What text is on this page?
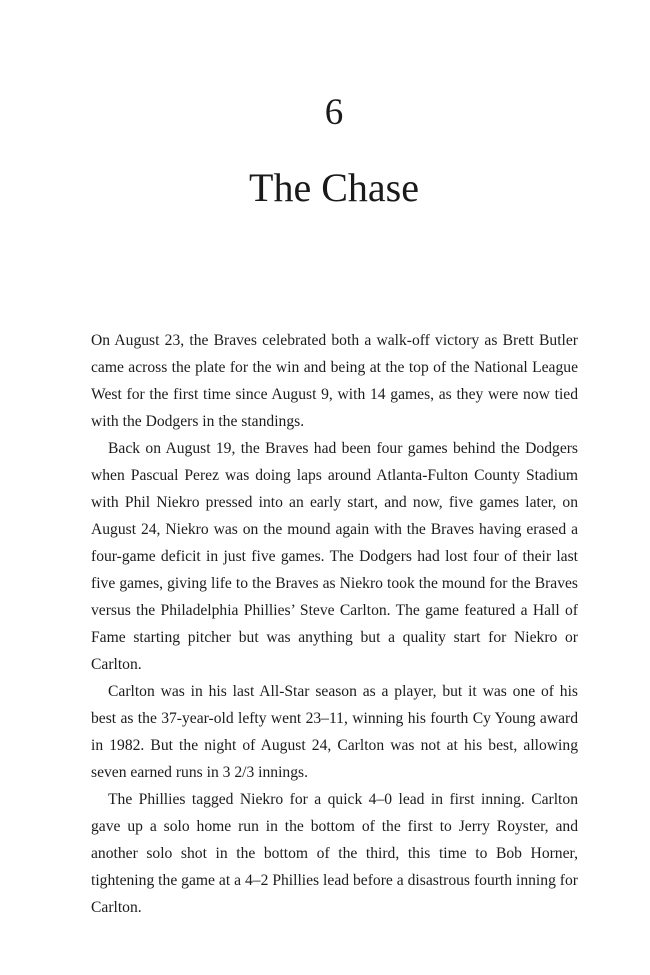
6
The Chase

On August 23, the Braves celebrated both a walk-off victory as Brett Butler came across the plate for the win and being at the top of the National League West for the first time since August 9, with 14 games, as they were now tied with the Dodgers in the standings.

Back on August 19, the Braves had been four games behind the Dodgers when Pascual Perez was doing laps around Atlanta-Fulton County Stadium with Phil Niekro pressed into an early start, and now, five games later, on August 24, Niekro was on the mound again with the Braves having erased a four-game deficit in just five games. The Dodgers had lost four of their last five games, giving life to the Braves as Niekro took the mound for the Braves versus the Philadelphia Phillies’ Steve Carlton. The game featured a Hall of Fame starting pitcher but was anything but a quality start for Niekro or Carlton.

Carlton was in his last All-Star season as a player, but it was one of his best as the 37-year-old lefty went 23–11, winning his fourth Cy Young award in 1982. But the night of August 24, Carlton was not at his best, allowing seven earned runs in 3 2/3 innings.

The Phillies tagged Niekro for a quick 4–0 lead in first inning. Carlton gave up a solo home run in the bottom of the first to Jerry Royster, and another solo shot in the bottom of the third, this time to Bob Horner, tightening the game at a 4–2 Phillies lead before a disastrous fourth inning for Carlton.
